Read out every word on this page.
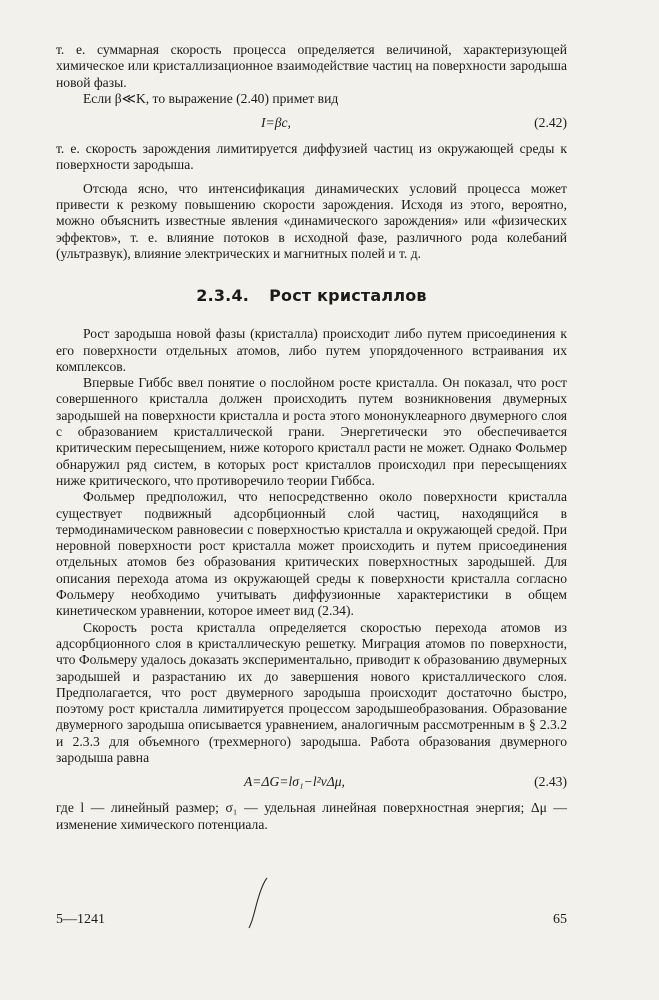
т. е. суммарная скорость процесса определяется величиной, характеризующей химическое или кристаллизационное взаимодействие частиц на поверхности зародыша новой фазы.

Если β≪K, то выражение (2.40) примет вид

I=βc,	(2.42)

т. е. скорость зарождения лимитируется диффузией частиц из окружающей среды к поверхности зародыша.

Отсюда ясно, что интенсификация динамических условий процесса может привести к резкому повышению скорости зарождения. Исходя из этого, вероятно, можно объяснить известные явления «динамического зарождения» или «физических эффектов», т. е. влияние потоков в исходной фазе, различного рода колебаний (ультразвук), влияние электрических и магнитных полей и т. д.

2.3.4. Рост кристаллов

Рост зародыша новой фазы (кристалла) происходит либо путем присоединения к его поверхности отдельных атомов, либо путем упорядоченного встраивания их комплексов.

Впервые Гиббс ввел понятие о послойном росте кристалла. Он показал, что рост совершенного кристалла должен происходить путем возникновения двумерных зародышей на поверхности кристалла и роста этого мононуклеарного двумерного слоя с образованием кристаллической грани. Энергетически это обеспечивается критическим пересыщением, ниже которого кристалл расти не может. Однако Фольмер обнаружил ряд систем, в которых рост кристаллов происходил при пересыщениях ниже критического, что противоречило теории Гиббса.

Фольмер предположил, что непосредственно около поверхности кристалла существует подвижный адсорбционный слой частиц, находящийся в термодинамическом равновесии с поверхностью кристалла и окружающей средой. При неровной поверхности рост кристалла может происходить и путем присоединения отдельных атомов без образования критических поверхностных зародышей. Для описания перехода атома из окружающей среды к поверхности кристалла согласно Фольмеру необходимо учитывать диффузионные характеристики в общем кинетическом уравнении, которое имеет вид (2.34).

Скорость роста кристалла определяется скоростью перехода атомов из адсорбционного слоя в кристаллическую решетку. Миграция атомов по поверхности, что Фольмеру удалось доказать экспериментально, приводит к образованию двумерных зародышей и разрастанию их до завершения нового кристаллического слоя. Предполагается, что рост двумерного зародыша происходит достаточно быстро, поэтому рост кристалла лимитируется процессом зародышеобразования. Образование двумерного зародыша описывается уравнением, аналогичным рассмотренным в § 2.3.2 и 2.3.3 для объемного (трехмерного) зародыша. Работа образования двумерного зародыша равна

A=ΔG=lσ₁−l²vΔμ,	(2.43)

где l — линейный размер; σ₁ — удельная линейная поверхностная энергия; Δμ — изменение химического потенциала.

5—1241	65
